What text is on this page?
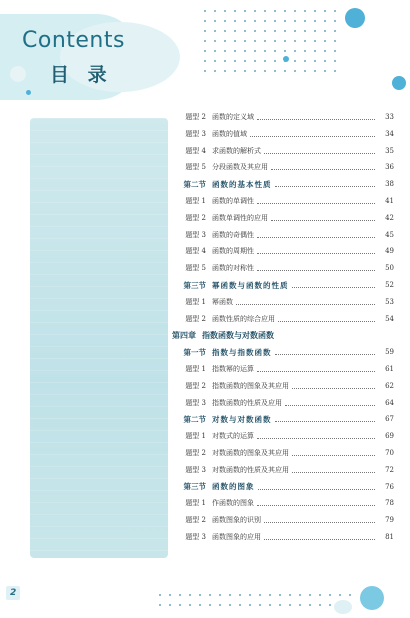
Contents
目 录
题型 2 函数的定义域	33
题型 3 函数的值域	34
题型 4 求函数的解析式	35
题型 5 分段函数及其应用	36
第二节 函数的基本性质	38
题型 1 函数的单调性	41
题型 2 函数单调性的应用	42
题型 3 函数的奇偶性	45
题型 4 函数的周期性	49
题型 5 函数的对称性	50
第三节 幂函数与函数的性质	52
题型 1 幂函数	53
题型 2 函数性质的综合应用	54
第四章 指数函数与对数函数
第一节 指数与指数函数	59
题型 1 指数幂的运算	61
题型 2 指数函数的图象及其应用	62
题型 3 指数函数的性质及应用	64
第二节 对数与对数函数	67
题型 1 对数式的运算	69
题型 2 对数函数的图象及其应用	70
题型 3 对数函数的性质及其应用	72
第三节 函数的图象	76
题型 1 作函数的图象	78
题型 2 函数图象的识别	79
题型 3 函数图象的应用	81
2
